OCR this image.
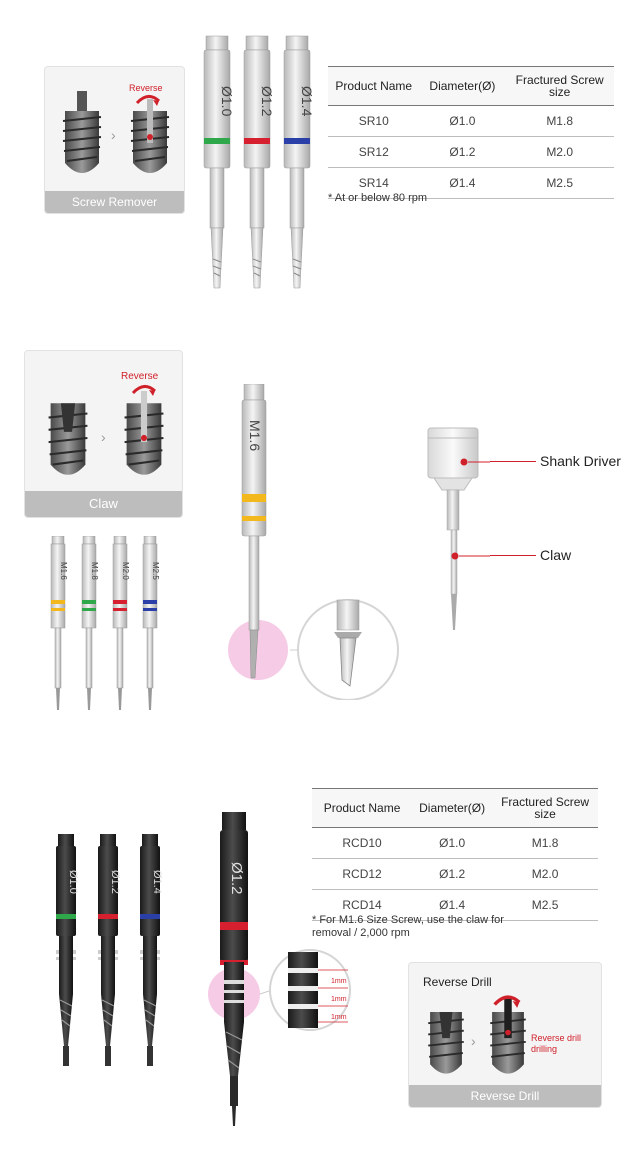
›
Reverse
Screw Remover
Ø1.0 Ø1.2 Ø1.4 Product Name	Diameter(Ø)	Fractured Screw size
SR10	Ø1.0	M1.8
SR12	Ø1.2	M2.0
SR14	Ø1.4	M2.5
* At or below 80 rpm
›
Reverse
Claw
M1.6	M1.8	M2.0	M2.5
M1.6
Shank Driver
Claw
Ø1.0	Ø1.2	Ø1.4	Ø1.2
1mm
1mm
1mm
Product Name	Diameter(Ø)	Fractured Screw size
RCD10	Ø1.0	M1.8
RCD12	Ø1.2	M2.0
RCD14	Ø1.4	M2.5
* For M1.6 Size Screw, use the claw for removal / 2,000 rpm
Reverse Drill
›	Reverse drill drilling
Reverse Drill
